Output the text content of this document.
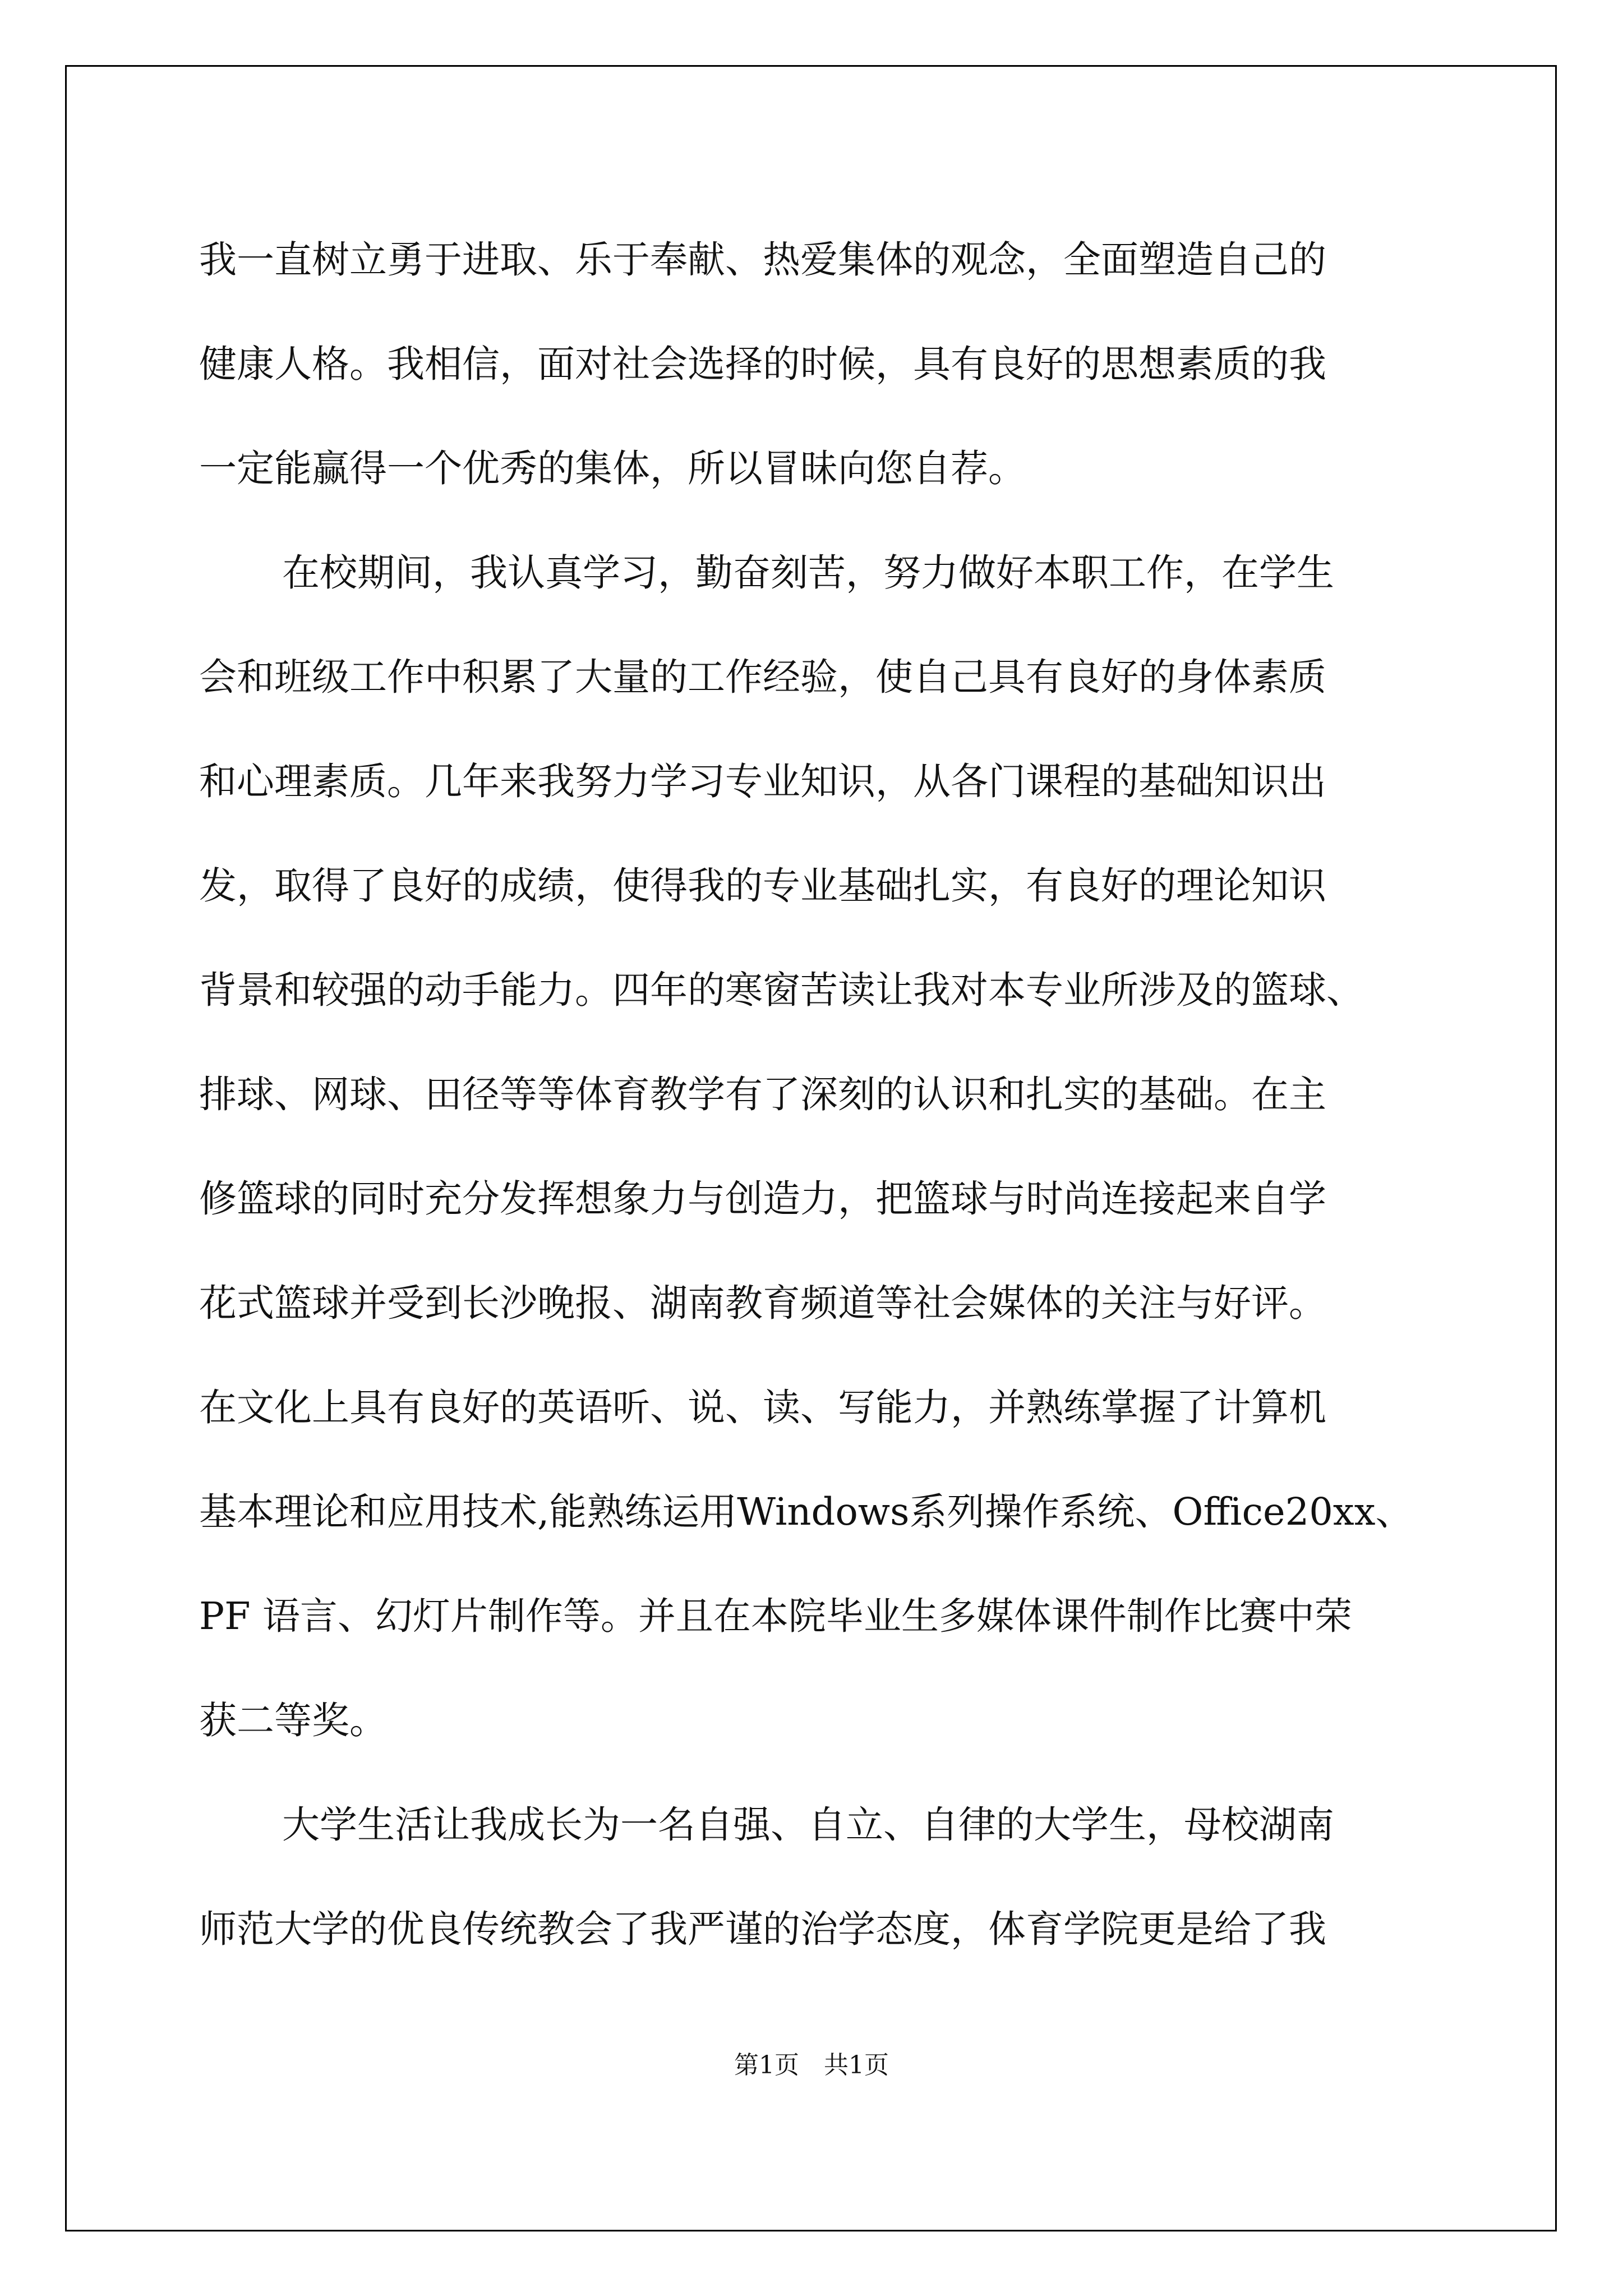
我一直树立勇于进取、乐于奉献、热爱集体的观念，全面塑造自己的
健康人格。我相信，面对社会选择的时候，具有良好的思想素质的我
一定能赢得一个优秀的集体，所以冒昧向您自荐。
在校期间，我认真学习，勤奋刻苦，努力做好本职工作，在学生
会和班级工作中积累了大量的工作经验，使自己具有良好的身体素质
和心理素质。几年来我努力学习专业知识，从各门课程的基础知识出
发，取得了良好的成绩，使得我的专业基础扎实，有良好的理论知识
背景和较强的动手能力。四年的寒窗苦读让我对本专业所涉及的篮球、
排球、网球、田径等等体育教学有了深刻的认识和扎实的基础。在主
修篮球的同时充分发挥想象力与创造力，把篮球与时尚连接起来自学
花式篮球并受到长沙晚报、湖南教育频道等社会媒体的关注与好评。
在文化上具有良好的英语听、说、读、写能力，并熟练掌握了计算机
基本理论和应用技术,能熟练运用Windows系列操作系统、Office20xx、
PF 语言、幻灯片制作等。并且在本院毕业生多媒体课件制作比赛中荣
获二等奖。
大学生活让我成长为一名自强、自立、自律的大学生，母校湖南
师范大学的优良传统教会了我严谨的治学态度，体育学院更是给了我
第1页　共1页
